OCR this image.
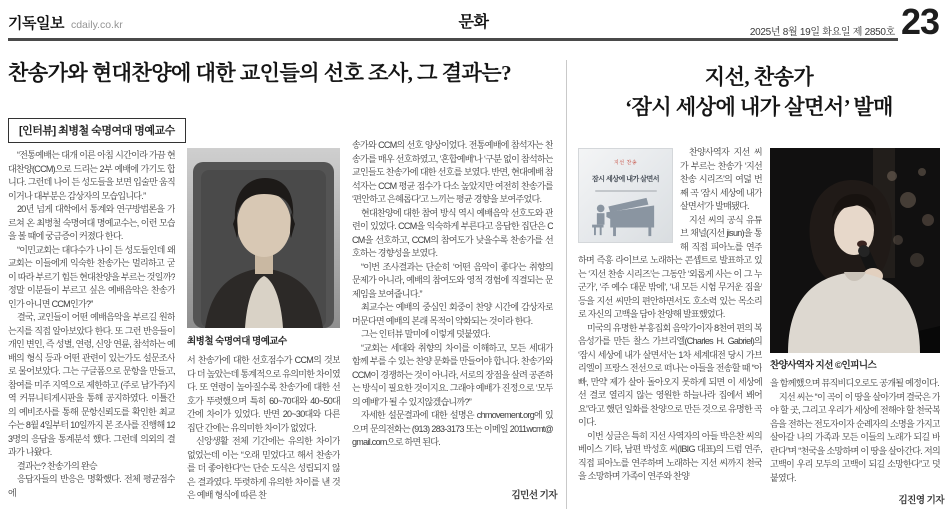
기독일보 cdaily.co.kr	문화
2025년 8월 19일 화요일 제 2850호 23
찬송가와 현대찬양에 대한 교인들의 선호 조사, 그 결과는?
[인터뷰] 최병철 숙명여대 명예교수

“전통예배는 대개 이른 아침 시간이라 가끔 현대찬양(CCM)으로 드리는 2부 예배에 가기도 합니다. 그런데 나이 든 성도들을 보면 입술만 움직이거나 대부분은 감상자의 모습입니다.”

20년 넘게 대학에서 통계와 연구방법론을 가르쳐 온 최병철 숙명여대 명예교수는, 이런 모습을 볼 때에 궁금증이 커졌다 한다.

“이민교회는 대다수가 나이 든 성도들인데 왜 교회는 이들에게 익숙한 찬송가는 멀리하고 굳이 따라 부르기 힘든 현대찬양을 부르는 것일까? 정말 이분들이 부르고 싶은 예배음악은 찬송가인가 아니면 CCM인가?”

결국, 교인들이 어떤 예배음악을 부르길 원하는지를 직접 알아보았다 한다. 또 그런 반응들이 개인 변인, 즉 성별, 연령, 신앙 연륜, 참석하는 예배의 형식 등과 어떤 관련이 있는가도 설문조사로 물어보았다. 그는 구글폼으로 문항을 만들고, 참여를 미주 지역으로 제한하고 (주로 남가주)지역 커뮤니티게시판을 통해 공지하였다. 이틀간의 예비조사를 통해 문항신뢰도를 확인한 최교수는 8월 4일부터 10일까지 본 조사를 진행해 123명의 응답을 통계분석 했다. 그런데 의외의 결과가 나왔다.

결과는? 찬송가의 완승

응답자들의 반응은 명확했다. 전체 평균점수에

최병철 숙명여대 명예교수

서 찬송가에 대한 선호점수가 CCM의 것보다 더 높았는데 통계적으로 유의미한 차이였다. 또 연령이 높아질수록 찬송가에 대한 선호가 뚜렷했으며 특히 60~70대와 40~50대 간에 차이가 있었다. 반면 20~30대와 다른 집단 간에는 유의미한 차이가 없었다.

신앙생활 전체 기간에는 유의한 차이가 없었는데 이는 “오래 믿었다고 해서 찬송가를 더 좋아한다”는 단순 도식은 성립되지 않은 결과였다. 뚜렷하게 유의한 차이를 낸 것은 예배 형식에 따른 찬

송가와 CCM의 선호 양상이었다. 전통예배에 참석자는 찬송가를 매우 선호하였고, ‘혼합예배’나 ‘구분 없이 참석하는 교인들도 찬송가에 대한 선호를 보였다. 반면, 현대예배 참석자는 CCM 평균 점수가 다소 높았지만 여전히 찬송가를 ‘편안하고 은혜롭다’고 느끼는 평균 경향을 보여주었다.

현대찬양에 대한 참여 방식 역시 예배음악 선호도와 관련이 있었다. CCM을 익숙하게 부른다고 응답한 집단은 CCM을 선호하고, CCM의 참여도가 낮을수록 찬송가를 선호하는 경향성을 보였다.

“이번 조사결과는 단순히 ‘어떤 음악이 좋다’는 취향의 문제가 아니라, 예배의 참여도와 영적 경험에 직결되는 문제임을 보여줍니다.”

최교수는 예배의 중심인 회중이 찬양 시간에 감상자로 머문다면 예배의 본래 목적이 약화되는 것이라 한다.

그는 인터뷰 말미에 이렇게 덧붙였다.

“교회는 세대와 취향의 차이를 이해하고, 모든 세대가 함께 부를 수 있는 찬양 문화를 만들어야 합니다. 찬송가와 CCM이 경쟁하는 것이 아니라, 서로의 장점을 살려 공존하는 방식이 필요한 것이지요. 그래야 예배가 진정으로 ‘모두의 예배’가 될 수 있지않겠습니까?”

자세한 설문결과에 대한 설명은 chmovement.org에 있으며 문의전화는 (913) 283-3173 또는 이메일 2011wcmt@gmail.com으로 하면 된다.

김민선 기자
지선, 찬송가
‘잠시 세상에 내가 살면서’ 발매
지선 찬송
잠시 세상에 내가 살면서

찬양사역자 지선 씨가 부르는 찬송가 ‘지선 찬송 시리즈’의 여덟 번째 곡 ‘잠시 세상에 내가 살면서’가 발매됐다.

지선 씨의 공식 유튜브 채널(지선 jisun)을 통해 직접 피아노를 연주하며 즉흥 라이브로 노래하는 콘셉트로 발표하고 있는 ‘지선 찬송 시리즈’는 그동안 ‘외롭게 사는 이 그 누군가’, ‘주 예수 대문 밖에’, ‘내 모든 시험 무거운 짐을’ 등을 지선 씨만의 편안하면서도 호소력 있는 목소리로 자신의 고백을 담아 찬양해 발표했었다.

미국의 유명한 부흥집회 음악가이자 8천여 편의 복음성가를 만든 찰스 가브리엘(Charles H. Gabriel)의 ‘잠시 세상에 내가 살면서’는 1차 세계대전 당시 가브리엘이 프랑스 전선으로 떠나는 아들을 전송할 때 “아빠, 만약 제가 살아 돌아오지 못하게 되면 이 세상에선 결코 열리지 않는 영원한 하늘나라 집에서 봬어요”라고 했던 일화를 찬양으로 만든 것으로 유명한 곡이다.

이번 싱글은 특히 지선 사역자의 아들 박은찬 씨의 베이스 기타, 남편 박성호 씨(IBIG 대표)의 드럼 연주, 직접 피아노를 연주하며 노래하는 지선 씨까지 천국을 소망하며 가족이 연주와 찬양

찬양사역자 지선 ©인피니스

을 함께했으며 뮤직비디오로도 공개될 예정이다.

지선 씨는 “이 곡이 이 땅을 살아가며 결국은 가야 할 곳, 그리고 우리가 세상에 전해야 할 천국복음을 전하는 전도자이자 순례자의 소명을 가지고 살아갈 나의 가족과 모든 이들의 노래가 되길 바란다”며 “천국을 소망하며 이 땅을 살아간다. 저의 고백이 우리 모두의 고백이 되길 소망한다”고 덧붙였다.

김진영 기자
